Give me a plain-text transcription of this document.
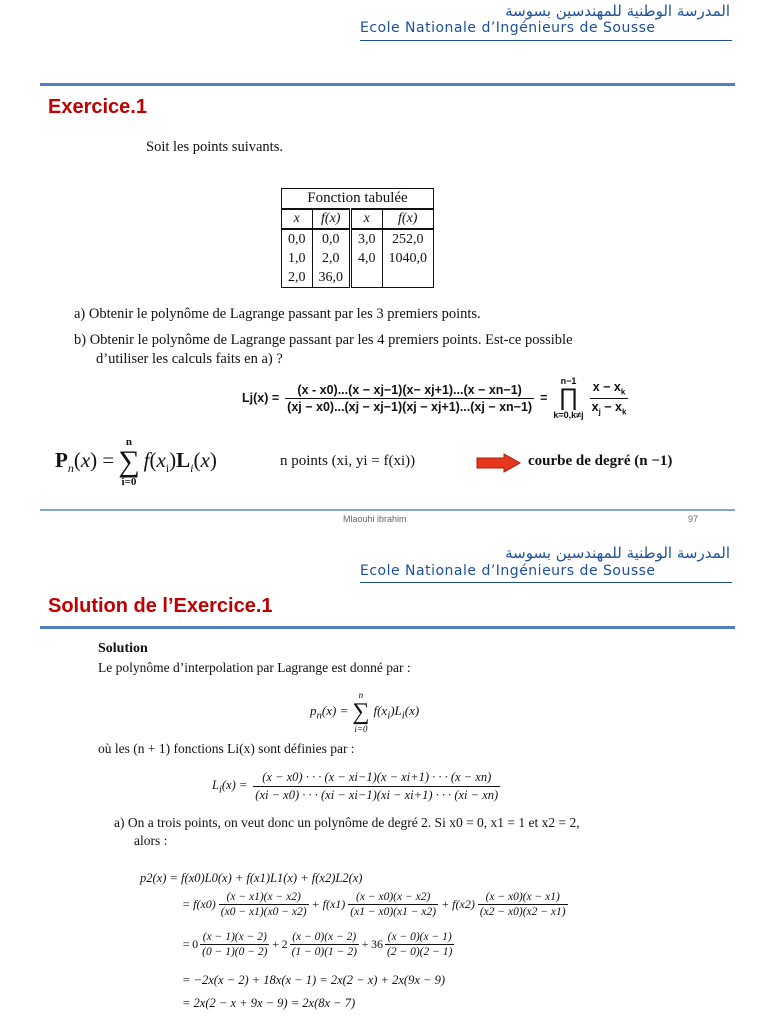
المدرسة الوطنية للمهندسين بسوسة
Ecole Nationale d’Ingénieurs de Sousse
Exercice.1
Soit les points suivants.
Fonction tabulée			
x	f(x)	x	f(x)
0,0	0,0	3,0	252,0
1,0	2,0	4,0	1040,0
2,0	36,0		
a) Obtenir le polynôme de Lagrange passant par les 3 premiers points.
b) Obtenir le polynôme de Lagrange passant par les 4 premiers points. Est-ce possible
d’utiliser les calculs faits en a) ?
$Lj(x) = \frac{(x - x0)...(x - xj-1)(x- xj+1)...(x - xn-1)}{(xj - x0)...(xj - xj-1)(xj - xj+1)...(xj - xn-1)}$ =
n−1
∏
$k=0,k\ne j \frac{x - x_k}{x_j - x_k}$
$P_n(x)$ =
n
∑
i=0
$f(x_i)L_i(x)$	n points (xi, yi = f(xi))	courbe de degré (n −1)
Mlaouhi ibrahim	97
المدرسة الوطنية للمهندسين بسوسة
Ecole Nationale d’Ingénieurs de Sousse
Solution de l’Exercice.1
Solution
Le polynôme d’interpolation par Lagrange est donné par :
$p_n(x)$ =
n
∑
i=0
$f(x_i)L_i(x)$
où les (n + 1) fonctions Li(x) sont définies par :
$L_i(x) = \frac{(x - x0) \cdot \cdot \cdot (x - xi-1)(x - xi+1) \cdot \cdot \cdot (x - xn)}{(xi - x0) \cdot \cdot \cdot (xi - xi-1)(xi - xi+1) \cdot \cdot \cdot (xi - xn)}$
a) On a trois points, on veut donc un polynôme de degré 2. Si x0 = 0, x1 = 1 et x2 = 2,
alors :
p2(x) = f(x0)L0(x) + f(x1)L1(x) + f(x2)L2(x)
= $f(x0) \frac{(x - x1)(x - x2)}{(x0 - x1)(x0 - x2)} + f(x1) \frac{(x - x0)(x - x2)}{(x1 - x0)(x1 - x2)} + f(x2) \frac{(x - x0)(x - x1)}{(x2 - x0)(x2 - x1)}$
= $0 \frac{(x - 1)(x - 2)}{(0 - 1)(0 - 2)} + 2 \frac{(x - 0)(x - 2)}{(1 - 0)(1 - 2)} + 36 \frac{(x - 0)(x - 1)}{(2 - 0)(2 - 1)}$
= −2x(x − 2) + 18x(x − 1) = 2x(2 − x) + 2x(9x − 9)
= 2x(2 − x + 9x − 9) = 2x(8x − 7)
